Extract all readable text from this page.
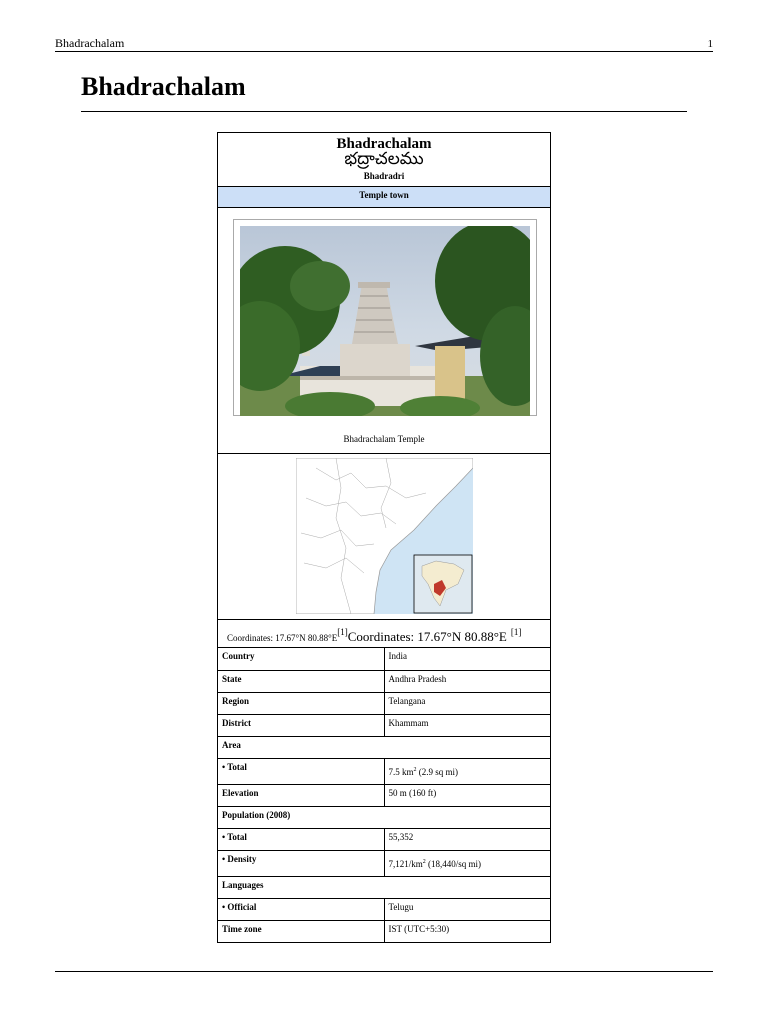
Bhadrachalam	1
Bhadrachalam
Bhadrachalam
భద్రాచలము
Bhadradri
Temple town
Bhadrachalam Temple
Coordinates: 17.67°N 80.88°E[1]Coordinates: 17.67°N 80.88°E [1]
Country	India
State	Andhra Pradesh
Region	Telangana
District	Khammam
Area	
• Total	7.5 $km^2$ (2.9 sq mi)
Elevation	50 m (160 ft)
Population (2008)	
• Total	55,352
• Density	$7,121/km^2$ (18,440/sq mi)
Languages	
• Official	Telugu
Time zone	IST (UTC+5:30)
